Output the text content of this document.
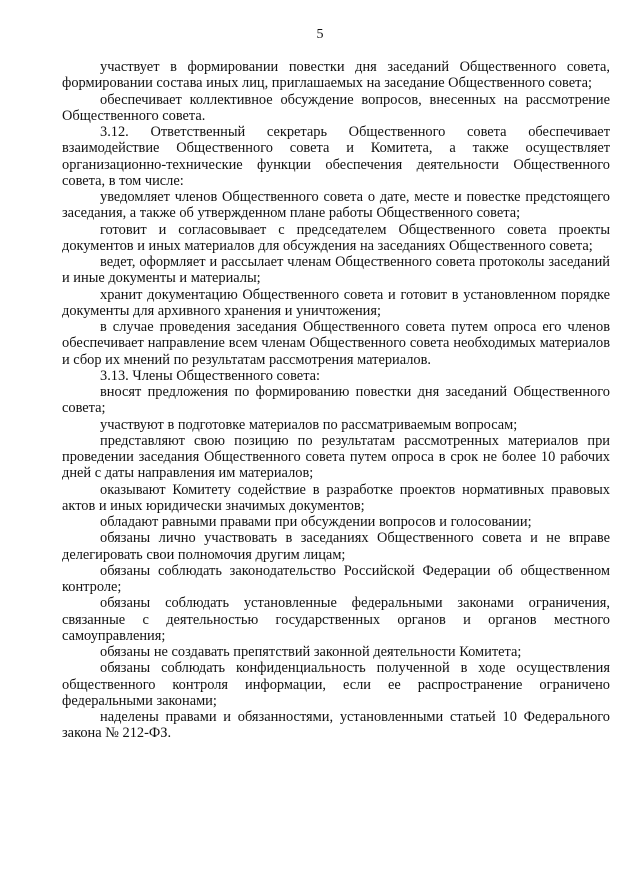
5

участвует в формировании повестки дня заседаний Общественного совета, формировании состава иных лиц, приглашаемых на заседание Общественного совета;

обеспечивает коллективное обсуждение вопросов, внесенных на рассмотрение Общественного совета.

3.12. Ответственный секретарь Общественного совета обеспечивает взаимодействие Общественного совета и Комитета, а также осуществляет организационно-технические функции обеспечения деятельности Общественного совета, в том числе:

уведомляет членов Общественного совета о дате, месте и повестке предстоящего заседания, а также об утвержденном плане работы Общественного совета;

готовит и согласовывает с председателем Общественного совета проекты документов и иных материалов для обсуждения на заседаниях Общественного совета;

ведет, оформляет и рассылает членам Общественного совета протоколы заседаний и иные документы и материалы;

хранит документацию Общественного совета и готовит в установленном порядке документы для архивного хранения и уничтожения;

в случае проведения заседания Общественного совета путем опроса его членов обеспечивает направление всем членам Общественного совета необходимых материалов и сбор их мнений по результатам рассмотрения материалов.

3.13. Члены Общественного совета:

вносят предложения по формированию повестки дня заседаний Общественного совета;

участвуют в подготовке материалов по рассматриваемым вопросам;

представляют свою позицию по результатам рассмотренных материалов при проведении заседания Общественного совета путем опроса в срок не более 10 рабочих дней с даты направления им материалов;

оказывают Комитету содействие в разработке проектов нормативных правовых актов и иных юридически значимых документов;

обладают равными правами при обсуждении вопросов и голосовании;

обязаны лично участвовать в заседаниях Общественного совета и не вправе делегировать свои полномочия другим лицам;

обязаны соблюдать законодательство Российской Федерации об общественном контроле;

обязаны соблюдать установленные федеральными законами ограничения, связанные с деятельностью государственных органов и органов местного самоуправления;

обязаны не создавать препятствий законной деятельности Комитета;

обязаны соблюдать конфиденциальность полученной в ходе осуществления общественного контроля информации, если ее распространение ограничено федеральными законами;

наделены правами и обязанностями, установленными статьей 10 Федерального закона № 212-ФЗ.
